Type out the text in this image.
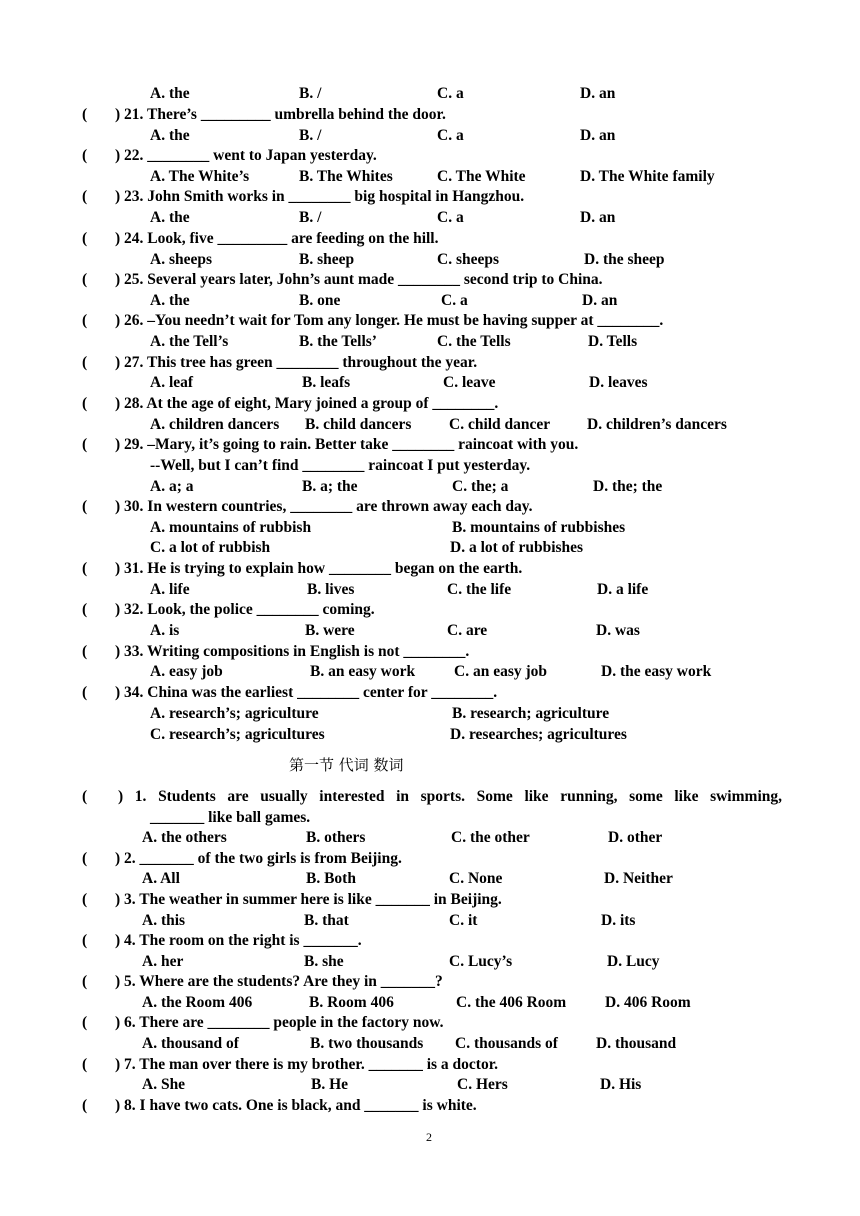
A. the	B. /	C. a	D. an
( ) 21. There’s _________ umbrella behind the door.
A. the	B. /	C. a	D. an
( ) 22. ________ went to Japan yesterday.
A. The White’s	B. The Whites	C. The White	D. The White family
( ) 23. John Smith works in ________ big hospital in Hangzhou.
A. the	B. /	C. a	D. an
( ) 24. Look, five _________ are feeding on the hill.
A. sheeps	B. sheep	C. sheeps	D. the sheep
( ) 25. Several years later, John’s aunt made ________ second trip to China.
A. the	B. one	C. a	D. an
( ) 26. –You needn’t wait for Tom any longer. He must be having supper at ________.
A. the Tell’s	B. the Tells’	C. the Tells	D. Tells
( ) 27. This tree has green ________ throughout the year.
A. leaf	B. leafs	C. leave	D. leaves
( ) 28. At the age of eight, Mary joined a group of ________.
A. children dancers B. child dancers C. child dancer D. children’s dancers
( ) 29. –Mary, it’s going to rain. Better take ________ raincoat with you.
--Well, but I can’t find ________ raincoat I put yesterday.
A. a; a	B. a; the	C. the; a	D. the; the
( ) 30. In western countries, ________ are thrown away each day.
A. mountains of rubbish	B. mountains of rubbishes
C. a lot of rubbish	D. a lot of rubbishes
( ) 31. He is trying to explain how ________ began on the earth.
A. life	B. lives	C. the life	D. a life
( ) 32. Look, the police ________ coming.
A. is	B. were	C. are	D. was
( ) 33. Writing compositions in English is not ________.
A. easy job	B. an easy work	C. an easy job	D. the easy work
( ) 34. China was the earliest ________ center for ________.
A. research’s; agriculture	B. research; agriculture
C. research’s; agricultures	D. researches; agricultures
第一节 代词 数词
( ) 1. Students are usually interested in sports. Some like running, some like swimming,
_______ like ball games.
A. the others	B. others	C. the other	D. other
( ) 2. _______ of the two girls is from Beijing.
A. All	B. Both	C. None	D. Neither
( ) 3. The weather in summer here is like _______ in Beijing.
A. this	B. that	C. it	D. its
( ) 4. The room on the right is _______.
A. her	B. she	C. Lucy’s	D. Lucy
( ) 5. Where are the students? Are they in _______?
A. the Room 406	B. Room 406	C. the 406 Room	D. 406 Room
( ) 6. There are ________ people in the factory now.
A. thousand of	B. two thousands C. thousands of D. thousand
( ) 7. The man over there is my brother. _______ is a doctor.
A. She	B. He	C. Hers	D. His
( ) 8. I have two cats. One is black, and _______ is white.
2
